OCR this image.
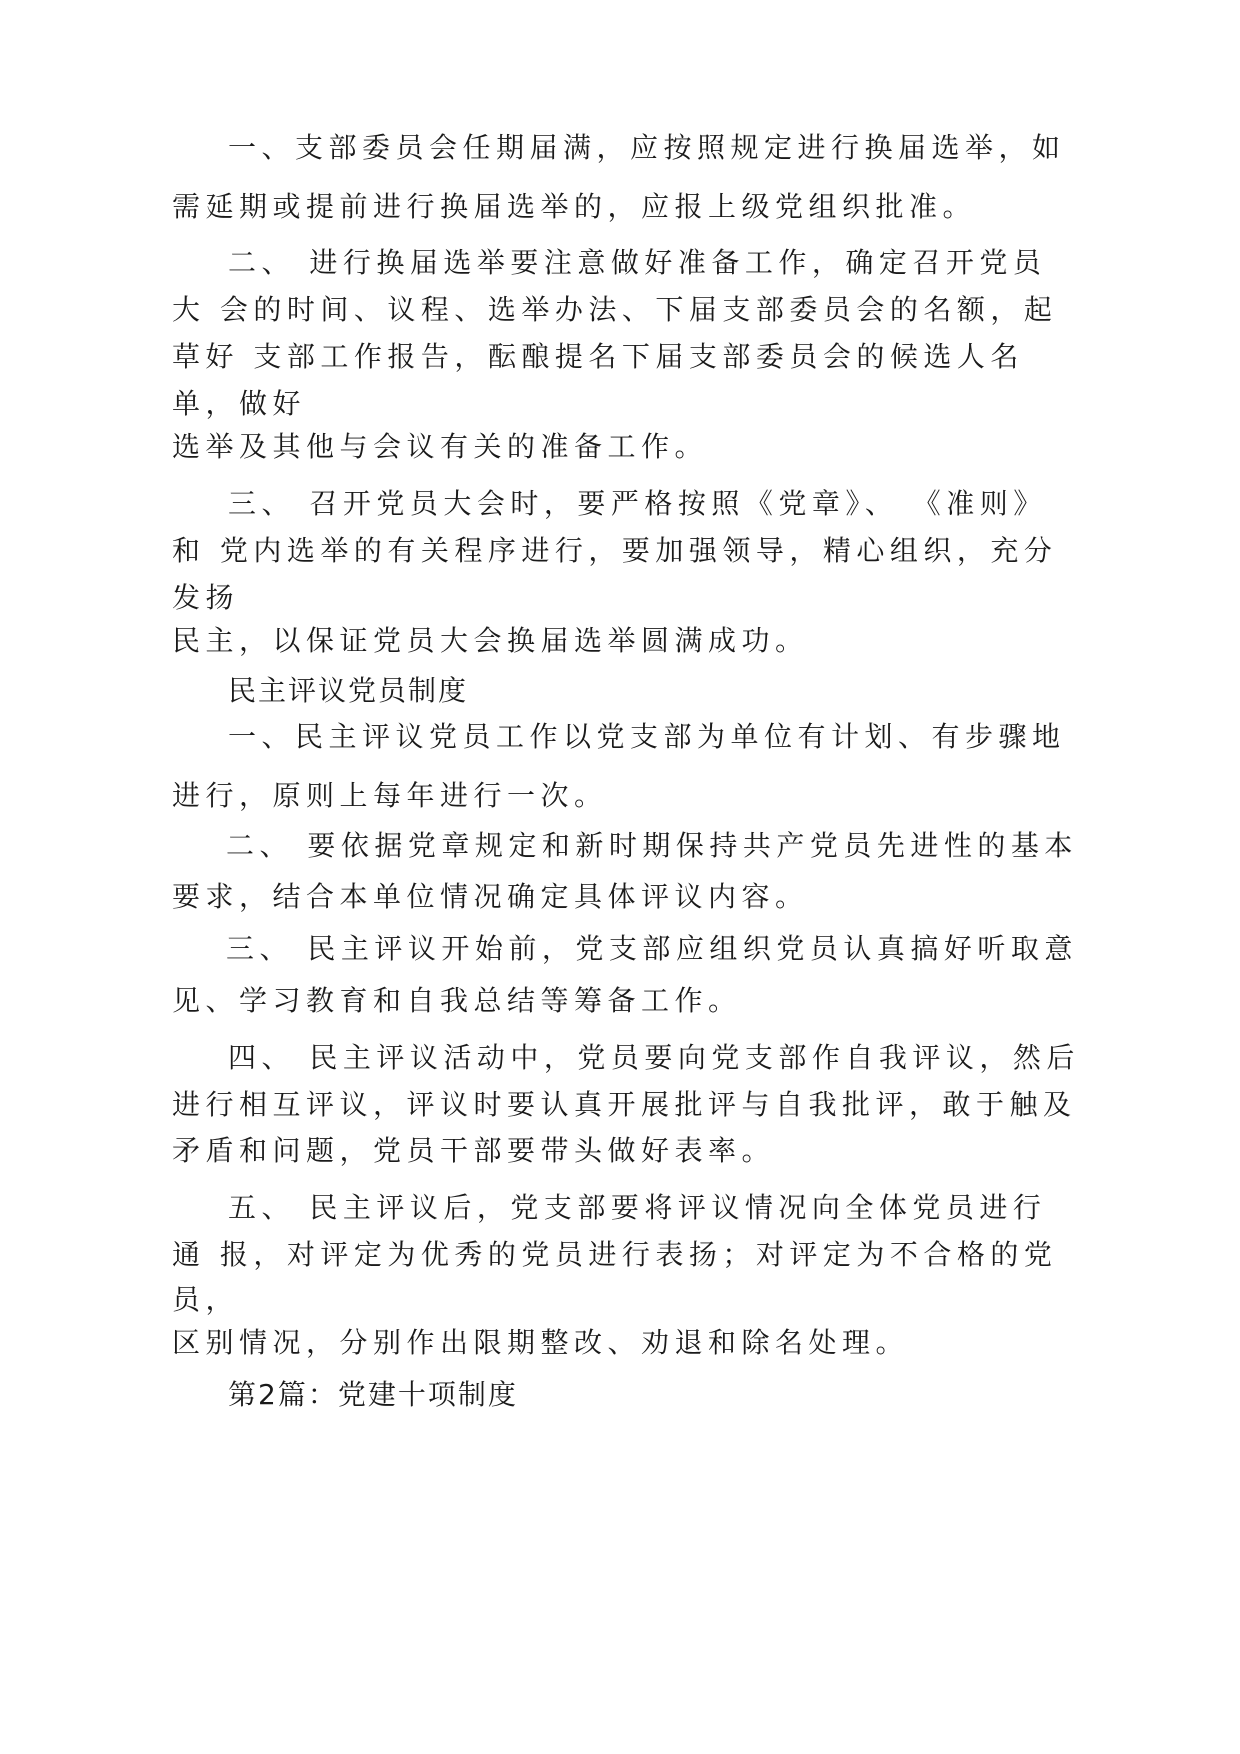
一、支部委员会任期届满，应按照规定进行换届选举，如
需延期或提前进行换届选举的，应报上级党组织批准。
二、 进行换届选举要注意做好准备工作，确定召开党员
大 会的时间、议程、选举办法、下届支部委员会的名额，起
草好 支部工作报告，酝酿提名下届支部委员会的候选人名
单，做好
选举及其他与会议有关的准备工作。
三、 召开党员大会时，要严格按照《党章》、 《准则》
和 党内选举的有关程序进行，要加强领导，精心组织，充分
发扬
民主，以保证党员大会换届选举圆满成功。
民主评议党员制度
一、民主评议党员工作以党支部为单位有计划、有步骤地
进行，原则上每年进行一次。
二、 要依据党章规定和新时期保持共产党员先进性的基本
要求，结合本单位情况确定具体评议内容。
三、 民主评议开始前，党支部应组织党员认真搞好听取意
见、学习教育和自我总结等筹备工作。
四、 民主评议活动中，党员要向党支部作自我评议，然后
进行相互评议，评议时要认真开展批评与自我批评，敢于触及
矛盾和问题，党员干部要带头做好表率。
五、 民主评议后，党支部要将评议情况向全体党员进行
通 报，对评定为优秀的党员进行表扬；对评定为不合格的党
员，
区别情况，分别作出限期整改、劝退和除名处理。
第2篇：党建十项制度
